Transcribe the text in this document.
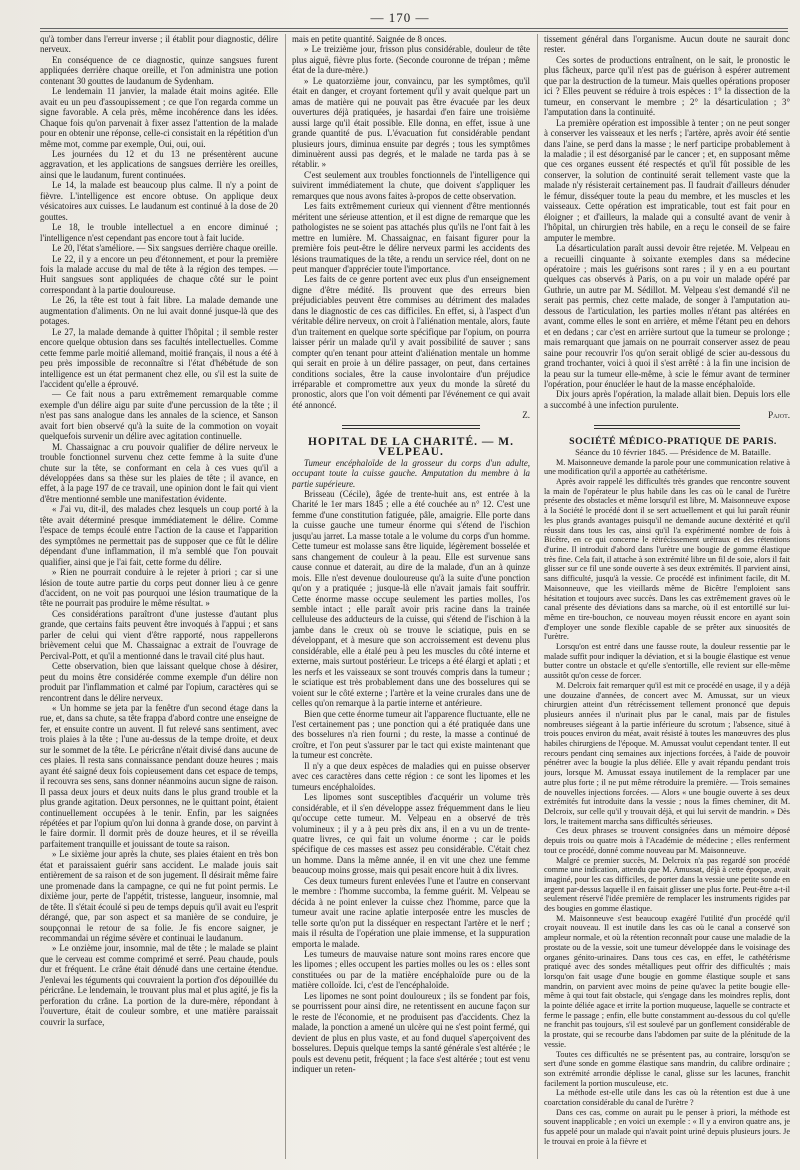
— 170 —

qu'à tomber dans l'erreur inverse ; il établit pour diagnostic, délire nerveux.

En conséquence de ce diagnostic, quinze sangsues furent appliquées derrière chaque oreille, et l'on administra une potion contenant 30 gouttes de laudanum de Sydenham.

Le lendemain 11 janvier, la malade était moins agitée. Elle avait eu un peu d'assoupissement ; ce que l'on regarda comme un signe favorable. A cela près, même incohérence dans les idées. Chaque fois qu'on parvenait à fixer assez l'attention de la malade pour en obtenir une réponse, celle-ci consistait en la répétition d'un même mot, comme par exemple, Oui, oui, oui.

Les journées du 12 et du 13 ne présentèrent aucune aggravation, et les applications de sangsues derrière les oreilles, ainsi que le laudanum, furent continuées.

Le 14, la malade est beaucoup plus calme. Il n'y a point de fièvre. L'intelligence est encore obtuse. On applique deux vésicatoires aux cuisses. Le laudanum est continué à la dose de 20 gouttes.

Le 18, le trouble intellectuel a en encore diminué ; l'intelligence n'est cependant pas encore tout à fait lucide.

Le 20, l'état s'améliore. — Six sangsues derrière chaque oreille.

Le 22, il y a encore un peu d'étonnement, et pour la première fois la malade accuse du mal de tête à la région des tempes. — Huit sangsues sont appliquées de chaque côté sur le point correspondant à la partie douloureuse.

Le 26, la tête est tout à fait libre. La malade demande une augmentation d'aliments. On ne lui avait donné jusque-là que des potages.

Le 27, la malade demande à quitter l'hôpital ; il semble rester encore quelque obtusion dans ses facultés intellectuelles. Comme cette femme parle moitié allemand, moitié français, il nous a été à peu près impossible de reconnaître si l'état d'hébétude de son intelligence est un état permanent chez elle, ou s'il est la suite de l'accident qu'elle a éprouvé.

— Ce fait nous a paru extrêmement remarquable comme exemple d'un délire aigu par suite d'une percussion de la tête ; il n'est pas sans analogue dans les annales de la science, et Sanson avait fort bien observé qu'à la suite de la commotion on voyait quelquefois survenir un délire avec agitation continuelle.

M. Chassaignac a cru pouvoir qualifier de délire nerveux le trouble fonctionnel survenu chez cette femme à la suite d'une chute sur la tête, se conformant en cela à ces vues qu'il a développées dans sa thèse sur les plaies de tête ; il avance, en effet, à la page 197 de ce travail, une opinion dont le fait qui vient d'être mentionné semble une manifestation évidente.

« J'ai vu, dit-il, des malades chez lesquels un coup porté à la tête avait déterminé presque immédiatement le délire. Comme l'espace de temps écoulé entre l'action de la cause et l'apparition des symptômes ne permettait pas de supposer que ce fût le délire dépendant d'une inflammation, il m'a semblé que l'on pouvait qualifier, ainsi que je l'ai fait, cette forme du délire.

» Rien ne pourrait conduire à le rejeter à priori ; car si une lésion de toute autre partie du corps peut donner lieu à ce genre d'accident, on ne voit pas pourquoi une lésion traumatique de la tête ne pourrait pas produire le même résultat. »

Ces considérations paraîtront d'une justesse d'autant plus grande, que certains faits peuvent être invoqués à l'appui ; et sans parler de celui qui vient d'être rapporté, nous rappellerons brièvement celui que M. Chassaignac a extrait de l'ouvrage de Percival-Pott, et qu'il a mentionné dans le travail cité plus haut.

Cette observation, bien que laissant quelque chose à désirer, peut du moins être considérée comme exemple d'un délire non produit par l'inflammation et calmé par l'opium, caractères qui se rencontrent dans le délire nerveux.

« Un homme se jeta par la fenêtre d'un second étage dans la rue, et, dans sa chute, sa tête frappa d'abord contre une enseigne de fer, et ensuite contre un auvent. Il fut relevé sans sentiment, avec trois plaies à la tête ; l'une au-dessus de la tempe droite, et deux sur le sommet de la tête. Le péricrâne n'était divisé dans aucune de ces plaies. Il resta sans connaissance pendant douze heures ; mais ayant été saigné deux fois copieusement dans cet espace de temps, il recouvra ses sens, sans donner néanmoins aucun signe de raison. Il passa deux jours et deux nuits dans le plus grand trouble et la plus grande agitation. Deux personnes, ne le quittant point, étaient continuellement occupées à le tenir. Enfin, par les saignées répétées et par l'opium qu'on lui donna à grande dose, on parvint à le faire dormir. Il dormit près de douze heures, et il se réveilla parfaitement tranquille et jouissant de toute sa raison.

» Le sixième jour après la chute, ses plaies étaient en très bon état et paraissaient guérir sans accident. Le malade jouis sait entièrement de sa raison et de son jugement. Il désirait même faire une promenade dans la campagne, ce qui ne fut point permis. Le dixième jour, perte de l'appétit, tristesse, langueur, insomnie, mal de tête. Il s'était écoulé si peu de temps depuis qu'il avait eu l'esprit dérangé, que, par son aspect et sa manière de se conduire, je soupçonnai le retour de sa folie. Je fis encore saigner, je recommandai un régime sévère et continuai le laudanum.

» Le onzième jour, insomnie, mal de tête ; le malade se plaint que le cerveau est comme comprimé et serré. Peau chaude, pouls dur et fréquent. Le crâne était dénudé dans une certaine étendue. J'enlevai les téguments qui couvraient la portion d'os dépouillée du péricrâne. Le lendemain, le trouvant plus mal et plus agité, je fis la perforation du crâne. La portion de la dure-mère, répondant à l'ouverture, était de couleur sombre, et une matière paraissait couvrir la surface,

mais en petite quantité. Saignée de 8 onces.

» Le treizième jour, frisson plus considérable, douleur de tête plus aiguë, fièvre plus forte. (Seconde couronne de trépan ; même état de la dure-mère.)

» Le quatorzième jour, convaincu, par les symptômes, qu'il était en danger, et croyant fortement qu'il y avait quelque part un amas de matière qui ne pouvait pas être évacuée par les deux ouvertures déjà pratiquées, je hasardai d'en faire une troisième aussi large qu'il était possible. Elle donna, en effet, issue à une grande quantité de pus. L'évacuation fut considérable pendant plusieurs jours, diminua ensuite par degrés ; tous les symptômes diminuèrent aussi pas degrés, et le malade ne tarda pas à se rétablir. »

C'est seulement aux troubles fonctionnels de l'intelligence qui suivirent immédiatement la chute, que doivent s'appliquer les remarques que nous avons faites à-propos de cette observation.

Les faits extrêmement curieux qui viennent d'être mentionnés méritent une sérieuse attention, et il est digne de remarque que les pathologistes ne se soient pas attachés plus qu'ils ne l'ont fait à les mettre en lumière. M. Chassaignac, en faisant figurer pour la première fois peut-être le délire nerveux parmi les accidents des lésions traumatiques de la tête, a rendu un service réel, dont on ne peut manquer d'apprécier toute l'importance.

Les faits de ce genre portent avec eux plus d'un enseignement digne d'être médité. Ils prouvent que des erreurs bien préjudiciables peuvent être commises au détriment des malades dans le diagnostic de ces cas difficiles. En effet, si, à l'aspect d'un véritable délire nerveux, on croit à l'aliénation mentale, alors, faute d'un traitement en quelque sorte spécifique par l'opium, on pourra laisser périr un malade qu'il y avait possibilité de sauver ; sans compter qu'en tenant pour atteint d'aliénation mentale un homme qui serait en proie à un délire passager, on peut, dans certaines conditions sociales, être la cause involontaire d'un préjudice irréparable et compromettre aux yeux du monde la sûreté du pronostic, alors que l'on voit démenti par l'événement ce qui avait été annoncé.

Z.

HOPITAL DE LA CHARITÉ. — M. VELPEAU.

Tumeur encéphaloïde de la grosseur du corps d'un adulte, occupant toute la cuisse gauche. Amputation du membre à la partie supérieure.

Brisseau (Cécile), âgée de trente-huit ans, est entrée à la Charité le 1er mars 1845 ; elle a été couchée au n° 12. C'est une femme d'une constitution fatiguée, pâle, amaigrie. Elle porte dans la cuisse gauche une tumeur énorme qui s'étend de l'ischion jusqu'au jarret. La masse totale a le volume du corps d'un homme. Cette tumeur est molasse sans être liquide, légèrement bosselée et sans changement de couleur à la peau. Elle est survenue sans cause connue et daterait, au dire de la malade, d'un an à quinze mois. Elle n'est devenue douloureuse qu'à la suite d'une ponction qu'on y a pratiquée ; jusque-là elle n'avait jamais fait souffrir. Cette énorme masse occupe seulement les parties molles, l'os semble intact ; elle paraît avoir pris racine dans la trainée celluleuse des adducteurs de la cuisse, qui s'étend de l'ischion à la jambe dans le creux où se trouve le sciatique, puis en se développant, et à mesure que son accroissement est devenu plus considérable, elle a étalé peu à peu les muscles du côté interne et externe, mais surtout postérieur. Le triceps a été élargi et aplati ; et les nerfs et les vaisseaux se sont trouvés compris dans la tumeur ; le sciatique est très probablement dans une des bosselures qui se voient sur le côté externe ; l'artère et la veine crurales dans une de celles qu'on remarque à la partie interne et antérieure.

Bien que cette énorme tumeur ait l'apparence fluctuante, elle ne l'est certainement pas ; une ponction qui a été pratiquée dans une des bosselures n'a rien fourni ; du reste, la masse a continué de croître, et l'on peut s'assurer par le tact qui existe maintenant que la tumeur est concrète.

Il n'y a que deux espèces de maladies qui en puisse observer avec ces caractères dans cette région : ce sont les lipomes et les tumeurs encéphaloïdes.

Les lipomes sont susceptibles d'acquérir un volume très considérable, et il s'en développe assez fréquemment dans le lieu qu'occupe cette tumeur. M. Velpeau en a observé de très volumineux ; il y a à peu près dix ans, il en a vu un de trente-quatre livres, ce qui fait un volume énorme ; car le poids spécifique de ces masses est assez peu considérable. C'était chez un homme. Dans la même année, il en vit une chez une femme beaucoup moins grosse, mais qui pesait encore huit à dix livres.

Ces deux tumeurs furent enlevées l'une et l'autre en conservant le membre : l'homme succomba, la femme guérit. M. Velpeau se décida à ne point enlever la cuisse chez l'homme, parce que la tumeur avait une racine aplatie interposée entre les muscles de telle sorte qu'on put la disséquer en respectant l'artère et le nerf ; mais il résulta de l'opération une plaie immense, et la suppuration emporta le malade.

Les tumeurs de mauvaise nature sont moins rares encore que les lipomes ; elles occupent les parties molles ou les os : elles sont constituées ou par de la matière encéphaloïde pure ou de la matière colloïde. Ici, c'est de l'encéphaloïde.

Les lipomes ne sont point douloureux ; ils se fondent par fois, se pourrissent pour ainsi dire, ne retentissent en aucune façon sur le reste de l'économie, et ne produisent pas d'accidents. Chez la malade, la ponction a amené un ulcère qui ne s'est point fermé, qui devient de plus en plus vaste, et au fond duquel s'aperçoivent des bosselures. Depuis quelque temps la santé générale s'est altérée ; le pouls est devenu petit, fréquent ; la face s'est altérée ; tout est venu indiquer un reten-

tissement général dans l'organisme. Aucun doute ne saurait donc rester.

Ces sortes de productions entraînent, on le sait, le pronostic le plus fâcheux, parce qu'il n'est pas de guérison à espérer autrement que par la destruction de la tumeur. Mais quelles opérations proposer ici ? Elles peuvent se réduire à trois espèces : 1° la dissection de la tumeur, en conservant le membre ; 2° la désarticulation ; 3° l'amputation dans la continuité.

La première opération est impossible à tenter ; on ne peut songer à conserver les vaisseaux et les nerfs ; l'artère, après avoir été sentie dans l'aine, se perd dans la masse ; le nerf participe probablement à la maladie ; il est désorganisé par le cancer ; et, en supposant même que ces organes eussent été respectés et qu'il fût possible de les conserver, la solution de continuité serait tellement vaste que la malade n'y résisterait certainement pas. Il faudrait d'ailleurs dénuder le fémur, disséquer toute la peau du membre, et les muscles et les vaisseaux. Cette opération est impraticable, tout est fait pour en éloigner ; et d'ailleurs, la malade qui a consulté avant de venir à l'hôpital, un chirurgien très habile, en a reçu le conseil de se faire amputer le membre.

La désarticulation paraît aussi devoir être rejetée. M. Velpeau en a recueilli cinquante à soixante exemples dans sa médecine opératoire ; mais les guérisons sont rares ; il y en a eu pourtant quelques cas observés à Paris, on a pu voir un malade opéré par Guthrie, un autre par M. Sédillot. M. Velpeau s'est demandé s'il ne serait pas permis, chez cette malade, de songer à l'amputation au-dessous de l'articulation, les parties molles n'étant pas altérées en avant, comme elles le sont en arrière, et même l'étant peu en dehors et en dedans ; car c'est en arrière surtout que la tumeur se prolonge ; mais remarquant que jamais on ne pourrait conserver assez de peau saine pour recouvrir l'os qu'on serait obligé de scier au-dessous du grand trochanter, voici à quoi il s'est arrêté : à la fin une incision de la peau sur la tumeur elle-même, à scie le fémur avant de terminer l'opération, pour énucléer le haut de la masse encéphaloïde.

Dix jours après l'opération, la malade allait bien. Depuis lors elle a succombé à une infection purulente.

Pajot.

SOCIÉTÉ MÉDICO-PRATIQUE DE PARIS.

Séance du 10 février 1845. — Présidence de M. Bataille.

M. Maisonneuve demande la parole pour une communication relative à une modification qu'il a apportée au cathétérisme.

Après avoir rappelé les difficultés très grandes que rencontre souvent la main de l'opérateur le plus habile dans les cas où le canal de l'urètre présente des obstacles et même lorsqu'il est libre, M. Maisonneuve expose à la Société le procédé dont il se sert actuellement et qui lui paraît réunir les plus grands avantages puisqu'il ne demande aucune dextérité et qu'il réussit dans tous les cas, ainsi qu'il l'a expérimenté nombre de fois à Bicêtre, en ce qui concerne le rétrécissement urétraux et des rétentions d'urine. Il introduit d'abord dans l'urètre une bougie de gomme élastique très fine. Cela fait, il attache à son extrémité libre un fil de soie, alors il fait glisser sur ce fil une sonde ouverte à ses deux extrémités. Il parvient ainsi, sans difficulté, jusqu'à la vessie. Ce procédé est infiniment facile, dit M. Maisonneuve, que les vieillards même de Bicêtre l'emploient sans hésitation et toujours avec succès. Dans les cas extrêmement graves où le canal présente des déviations dans sa marche, où il est entortillé sur lui-même en tire-bouchon, ce nouveau moyen réussit encore en ayant soin d'employer une sonde flexible capable de se prêter aux sinuosités de l'urètre.

Lorsqu'on est entré dans une fausse route, la douleur ressentie par le malade suffit pour indiquer la déviation, et si la bougie élastique est venue butter contre un obstacle et qu'elle s'entortille, elle revient sur elle-même aussitôt qu'on cesse de forcer.

M. Delcroix fait remarquer qu'il est mit ce procédé en usage, il y a déjà une douzaine d'années, de concert avec M. Amussat, sur un vieux chirurgien atteint d'un rétrécissement tellement prononcé que depuis plusieurs années il n'urinait plus par le canal, mais par de fistules nombreuses siégeant à la partie inférieure du scrotum ; l'absence, situé à trois pouces environ du méat, avait résisté à toutes les manœuvres des plus habiles chirurgiens de l'époque. M. Amussat voulut cependant tenter. Il eut recours pendant cinq semaines aux injections forcées, à l'aide de pouvoir pénétrer avec la bougie la plus déliée. Elle y avait répandu pendant trois jours, lorsque M. Amussat essaya inutilement de la remplacer par une autre plus forte ; il ne put même rétroduire la première. — Trois semaines de nouvelles injections forcées. — Alors « une bougie ouverte à ses deux extrémités fut introduite dans la vessie ; nous la fîmes cheminer, dit M. Delcroix, sur celle qu'il y trouvait déjà, et qui lui servit de mandrin. » Dès lors, le traitement marcha sans difficultés sérieuses.

Ces deux phrases se trouvent consignées dans un mémoire déposé depuis trois ou quatre mois à l'Académie de médecine ; elles renferment tout ce procédé, donné comme nouveau par M. Maisonneuve.

Malgré ce premier succès, M. Delcroix n'a pas regardé son procédé comme une indication, attendu que M. Amussat, déjà à cette époque, avait imaginé, pour les cas difficiles, de porter dans la vessie une petite sonde en argent par-dessus laquelle il en faisait glisser une plus forte. Peut-être a-t-il seulement réservé l'idée première de remplacer les instruments rigides par des bougies en gomme élastique.

M. Maisonneuve s'est beaucoup exagéré l'utilité d'un procédé qu'il croyait nouveau. Il est inutile dans les cas où le canal a conservé son ampleur normale, et où la rétention reconnaît pour cause une maladie de la prostate ou de la vessie, soit une tumeur développée dans le voisinage des organes génito-urinaires. Dans tous ces cas, en effet, le cathétérisme pratiqué avec des sondes métalliques peut offrir des difficultés ; mais lorsqu'on fait usage d'une bougie en gomme élastique souple et sans mandrin, on parvient avec moins de peine qu'avec la petite bougie elle-même à qui tout fait obstacle, qui s'engage dans les moindres replis, dont la pointe déliée agace et irrite la portion muqueuse, laquelle se contracte et ferme le passage ; enfin, elle butte constamment au-dessous du col qu'elle ne franchit pas toujours, s'il est soulevé par un gonflement considérable de la prostate, qui se recourbe dans l'abdomen par suite de la plénitude de la vessie.

Toutes ces difficultés ne se présentent pas, au contraire, lorsqu'on se sert d'une sonde en gomme élastique sans mandrin, du calibre ordinaire ; son extrémité arrondie déplisse le canal, glisse sur les lacunes, franchit facilement la portion musculeuse, etc.

La méthode est-elle utile dans les cas où la rétention est due à une coarctation considérable du canal de l'urètre ?

Dans ces cas, comme on aurait pu le penser à priori, la méthode est souvent inapplicable ; en voici un exemple : « Il y a environ quatre ans, je fus appelé pour un malade qui n'avait point uriné depuis plusieurs jours. Je le trouvai en proie à la fièvre et
